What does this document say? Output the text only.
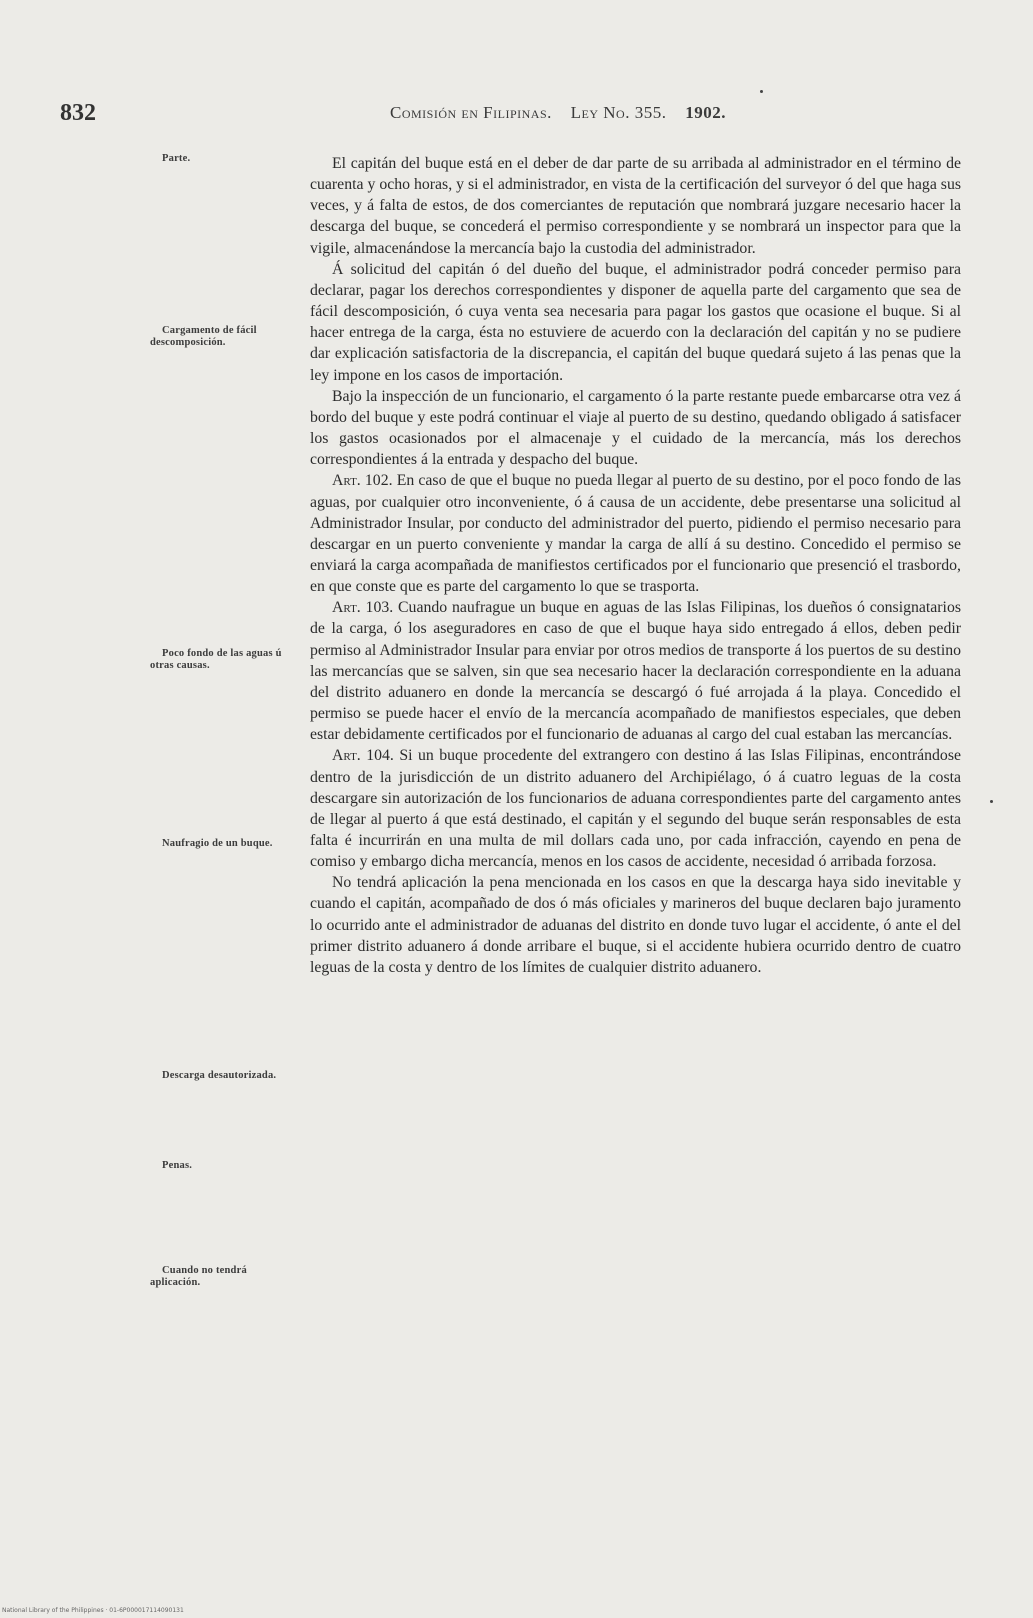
832	Comisión en Filipinas. Ley No. 355. 1902.
Parte.
Cargamento de fácil descomposición.
Poco fondo de las aguas ú otras causas.
Naufragio de un buque.
Descarga desautorizada.
Penas.
Cuando no tendrá aplicación.

El capitán del buque está en el deber de dar parte de su arribada al administrador en el término de cuarenta y ocho horas, y si el administrador, en vista de la certificación del surveyor ó del que haga sus veces, y á falta de estos, de dos comerciantes de reputación que nombrará juzgare necesario hacer la descarga del buque, se concederá el permiso correspondiente y se nombrará un inspector para que la vigile, almacenándose la mercancía bajo la custodia del administrador.

Á solicitud del capitán ó del dueño del buque, el administrador podrá conceder permiso para declarar, pagar los derechos correspondientes y disponer de aquella parte del cargamento que sea de fácil descomposición, ó cuya venta sea necesaria para pagar los gastos que ocasione el buque. Si al hacer entrega de la carga, ésta no estuviere de acuerdo con la declaración del capitán y no se pudiere dar explicación satisfactoria de la discrepancia, el capitán del buque quedará sujeto á las penas que la ley impone en los casos de importación.

Bajo la inspección de un funcionario, el cargamento ó la parte restante puede embarcarse otra vez á bordo del buque y este podrá continuar el viaje al puerto de su destino, quedando obligado á satisfacer los gastos ocasionados por el almacenaje y el cuidado de la mercancía, más los derechos correspondientes á la entrada y despacho del buque.

Art. 102. En caso de que el buque no pueda llegar al puerto de su destino, por el poco fondo de las aguas, por cualquier otro inconveniente, ó á causa de un accidente, debe presentarse una solicitud al Administrador Insular, por conducto del administrador del puerto, pidiendo el permiso necesario para descargar en un puerto conveniente y mandar la carga de allí á su destino. Concedido el permiso se enviará la carga acompañada de manifiestos certificados por el funcionario que presenció el trasbordo, en que conste que es parte del cargamento lo que se trasporta.

Art. 103. Cuando naufrague un buque en aguas de las Islas Filipinas, los dueños ó consignatarios de la carga, ó los aseguradores en caso de que el buque haya sido entregado á ellos, deben pedir permiso al Administrador Insular para enviar por otros medios de transporte á los puertos de su destino las mercancías que se salven, sin que sea necesario hacer la declaración correspondiente en la aduana del distrito aduanero en donde la mercancía se descargó ó fué arrojada á la playa. Concedido el permiso se puede hacer el envío de la mercancía acompañado de manifiestos especiales, que deben estar debidamente certificados por el funcionario de aduanas al cargo del cual estaban las mercancías.

Art. 104. Si un buque procedente del extrangero con destino á las Islas Filipinas, encontrándose dentro de la jurisdicción de un distrito aduanero del Archipiélago, ó á cuatro leguas de la costa descargare sin autorización de los funcionarios de aduana correspondientes parte del cargamento antes de llegar al puerto á que está destinado, el capitán y el segundo del buque serán responsables de esta falta é incurrirán en una multa de mil dollars cada uno, por cada infracción, cayendo en pena de comiso y embargo dicha mercancía, menos en los casos de accidente, necesidad ó arribada forzosa.

No tendrá aplicación la pena mencionada en los casos en que la descarga haya sido inevitable y cuando el capitán, acompañado de dos ó más oficiales y marineros del buque declaren bajo juramento lo ocurrido ante el administrador de aduanas del distrito en donde tuvo lugar el accidente, ó ante el del primer distrito aduanero á donde arribare el buque, si el accidente hubiera ocurrido dentro de cuatro leguas de la costa y dentro de los límites de cualquier distrito aduanero.

National Library of the Philippines · 01-6P000017114090131
